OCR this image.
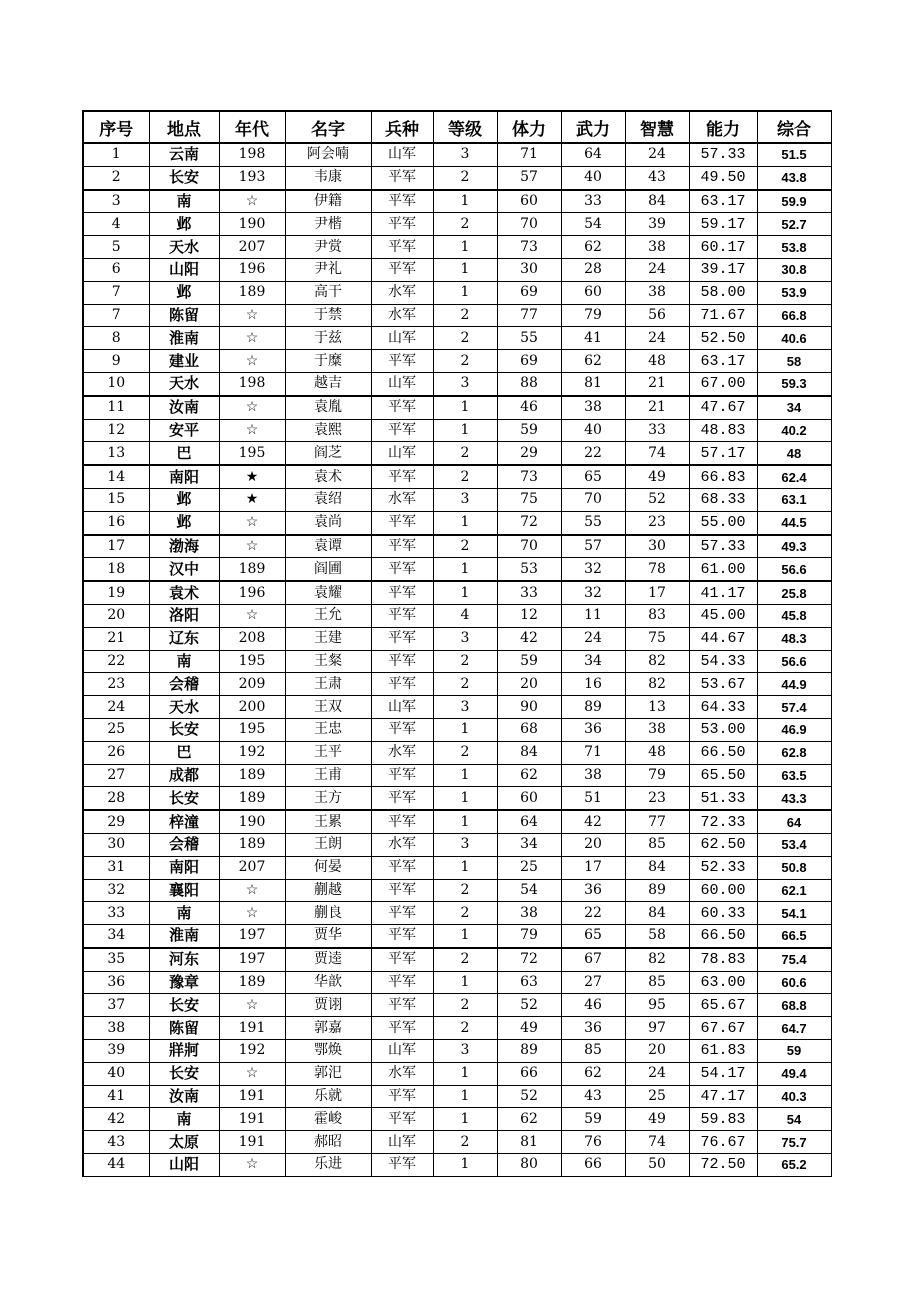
序号	地点	年代	名字	兵种	等级	体力	武力	智慧	能力	综合
1	云南	198	阿会喃	山军	3	71	64	24	57.33	51.5
2	长安	193	韦康	平军	2	57	40	43	49.50	43.8
3	南	☆	伊籍	平军	1	60	33	84	63.17	59.9
4	邺	190	尹楷	平军	2	70	54	39	59.17	52.7
5	天水	207	尹赏	平军	1	73	62	38	60.17	53.8
6	山阳	196	尹礼	平军	1	30	28	24	39.17	30.8
7	邺	189	高干	水军	1	69	60	38	58.00	53.9
7	陈留	☆	于禁	水军	2	77	79	56	71.67	66.8
8	淮南	☆	于兹	山军	2	55	41	24	52.50	40.6
9	建业	☆	于糜	平军	2	69	62	48	63.17	58
10	天水	198	越吉	山军	3	88	81	21	67.00	59.3
11	汝南	☆	袁胤	平军	1	46	38	21	47.67	34
12	安平	☆	袁熙	平军	1	59	40	33	48.83	40.2
13	巴	195	阎芝	山军	2	29	22	74	57.17	48
14	南阳	★	袁术	平军	2	73	65	49	66.83	62.4
15	邺	★	袁绍	水军	3	75	70	52	68.33	63.1
16	邺	☆	袁尚	平军	1	72	55	23	55.00	44.5
17	渤海	☆	袁谭	平军	2	70	57	30	57.33	49.3
18	汉中	189	阎圃	平军	1	53	32	78	61.00	56.6
19	袁术	196	袁耀	平军	1	33	32	17	41.17	25.8
20	洛阳	☆	王允	平军	4	12	11	83	45.00	45.8
21	辽东	208	王建	平军	3	42	24	75	44.67	48.3
22	南	195	王粲	平军	2	59	34	82	54.33	56.6
23	会稽	209	王肃	平军	2	20	16	82	53.67	44.9
24	天水	200	王双	山军	3	90	89	13	64.33	57.4
25	长安	195	王忠	平军	1	68	36	38	53.00	46.9
26	巴	192	王平	水军	2	84	71	48	66.50	62.8
27	成都	189	王甫	平军	1	62	38	79	65.50	63.5
28	长安	189	王方	平军	1	60	51	23	51.33	43.3
29	梓潼	190	王累	平军	1	64	42	77	72.33	64
30	会稽	189	王朗	水军	3	34	20	85	62.50	53.4
31	南阳	207	何晏	平军	1	25	17	84	52.33	50.8
32	襄阳	☆	蒯越	平军	2	54	36	89	60.00	62.1
33	南	☆	蒯良	平军	2	38	22	84	60.33	54.1
34	淮南	197	贾华	平军	1	79	65	58	66.50	66.5
35	河东	197	贾逵	平军	2	72	67	82	78.83	75.4
36	豫章	189	华歆	平军	1	63	27	85	63.00	60.6
37	长安	☆	贾诩	平军	2	52	46	95	65.67	68.8
38	陈留	191	郭嘉	平军	2	49	36	97	67.67	64.7
39	牂牁	192	鄂焕	山军	3	89	85	20	61.83	59
40	长安	☆	郭汜	水军	1	66	62	24	54.17	49.4
41	汝南	191	乐就	平军	1	52	43	25	47.17	40.3
42	南	191	霍峻	平军	1	62	59	49	59.83	54
43	太原	191	郝昭	山军	2	81	76	74	76.67	75.7
44	山阳	☆	乐进	平军	1	80	66	50	72.50	65.2
